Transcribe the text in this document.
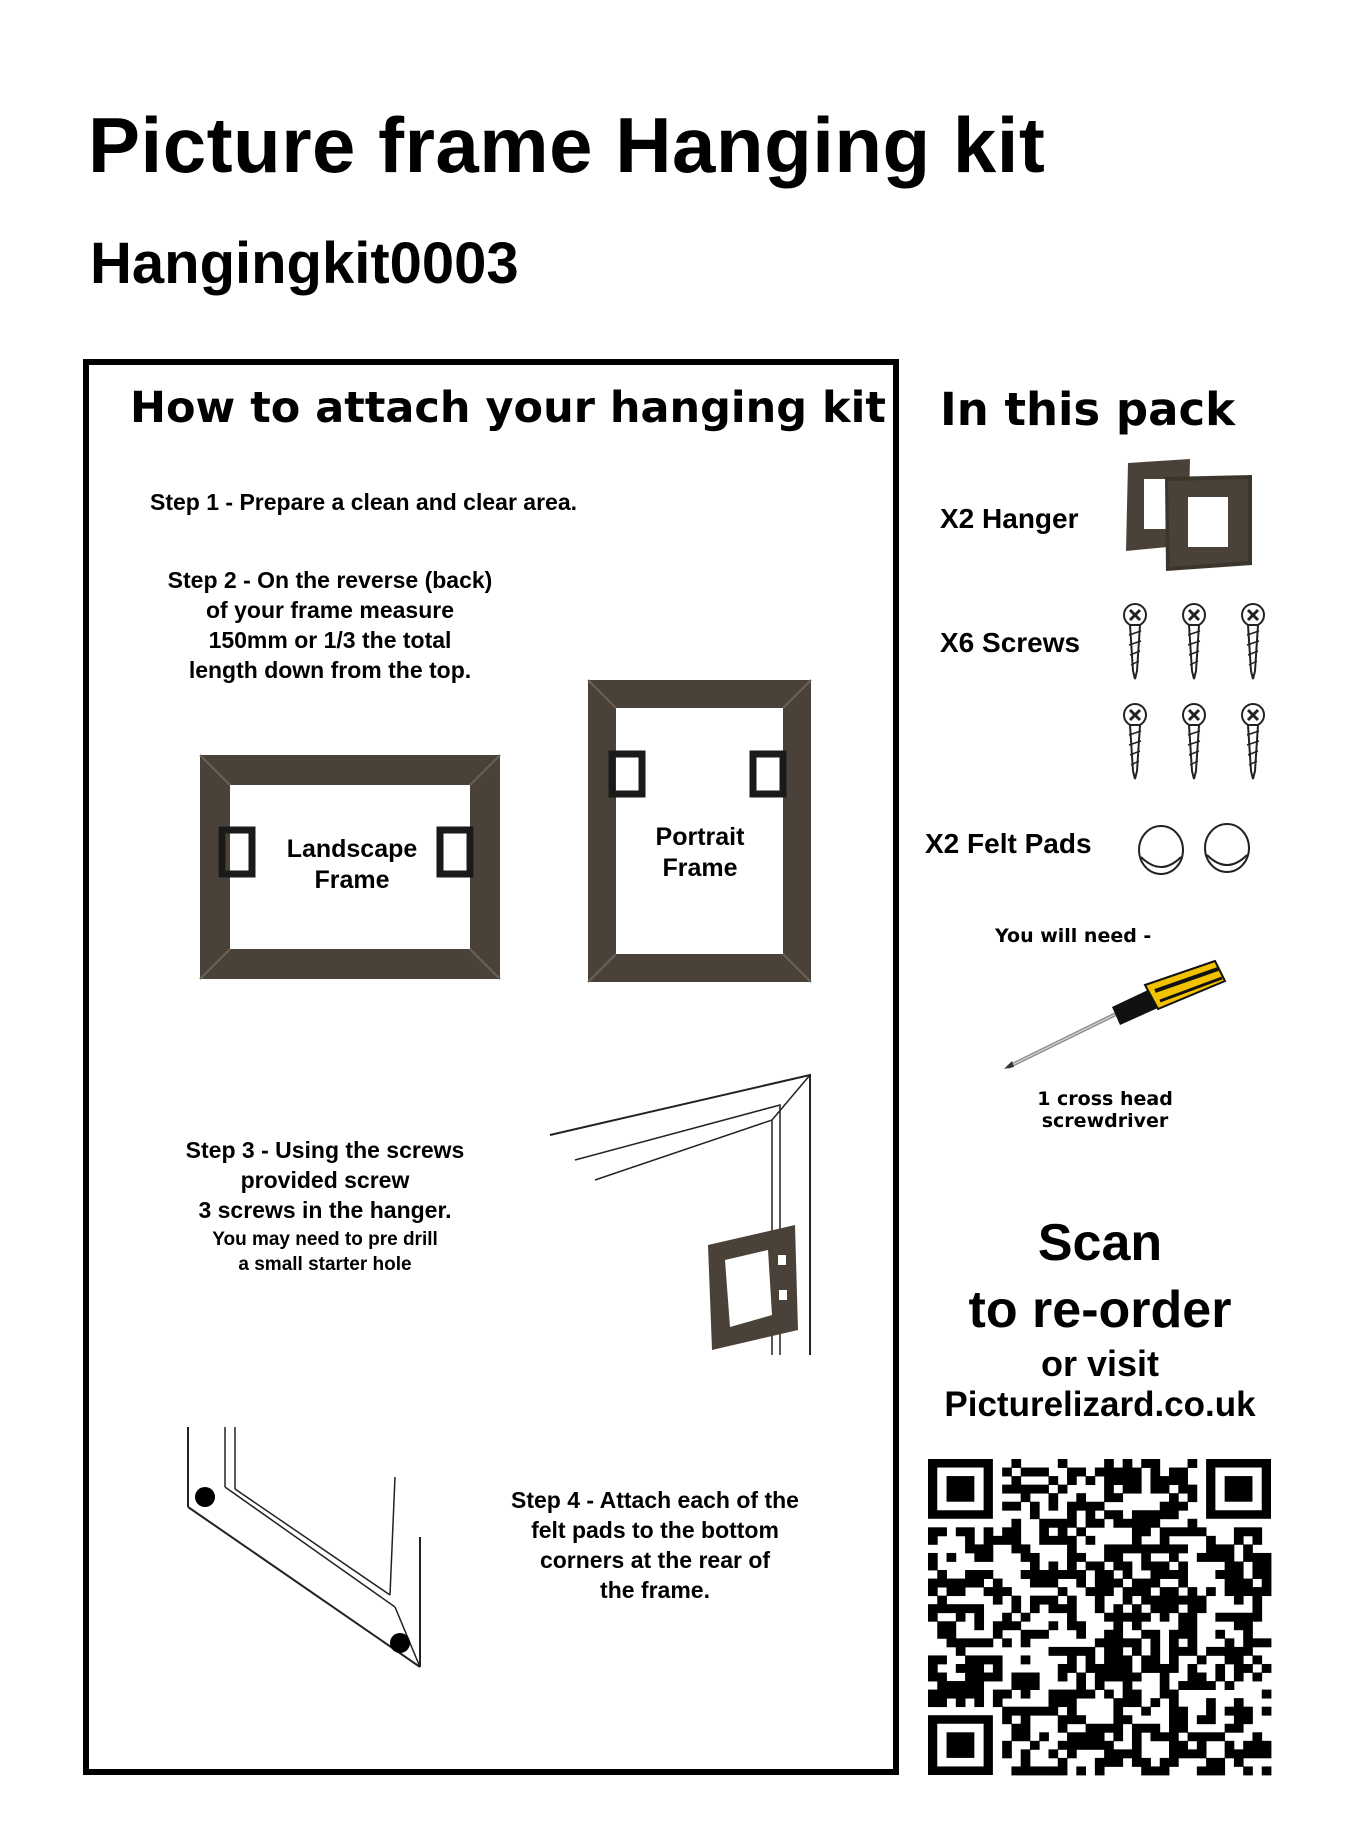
Picture frame Hanging kit
Hangingkit0003
How to attach your hanging kit
Step 1 - Prepare a clean and clear area.
Step 2 - On the reverse (back)
of your frame measure
150mm or 1/3 the total
length down from the top.
Landscape
Frame
Portrait
Frame
Step 3 - Using the screws
provided screw
3 screws in the hanger.
You may need to pre drill
a small starter hole
Step 4 - Attach each of the
felt pads to the bottom
corners at the rear of
the frame.
In this pack
X2 Hanger
X6 Screws
X2 Felt Pads
You will need -
1 cross head
screwdriver
Scan
to re-order
or visit
Picturelizard.co.uk
